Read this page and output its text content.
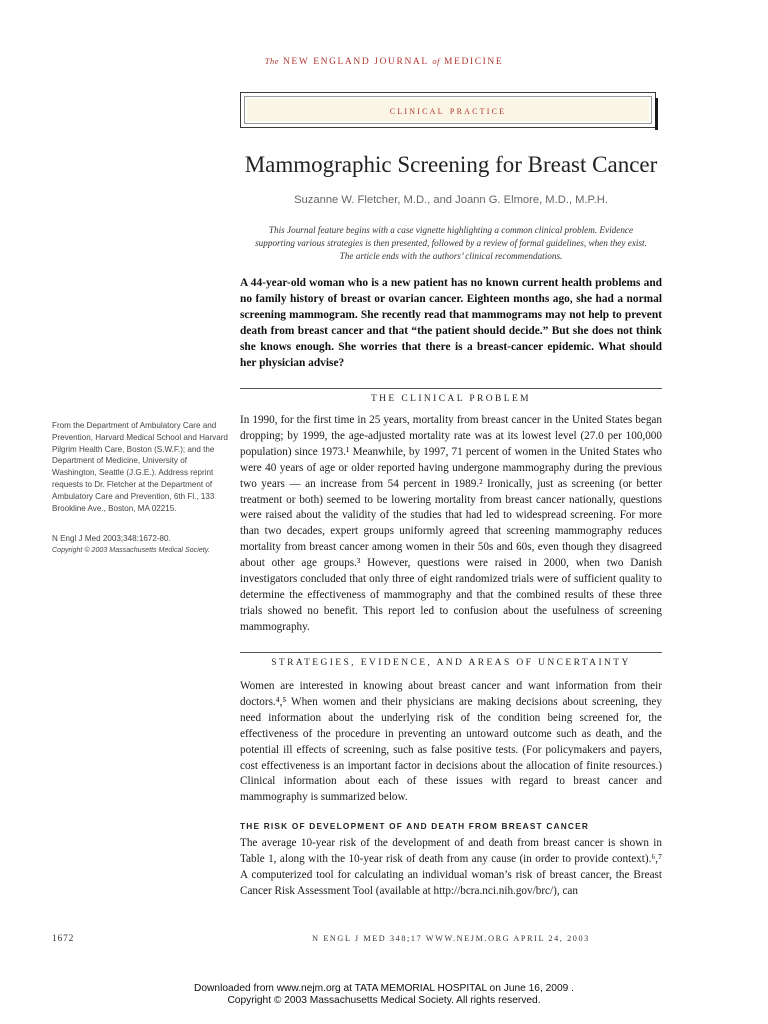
The NEW ENGLAND JOURNAL of MEDICINE
clinical practice
Mammographic Screening for Breast Cancer
Suzanne W. Fletcher, M.D., and Joann G. Elmore, M.D., M.P.H.
This Journal feature begins with a case vignette highlighting a common clinical problem. Evidence supporting various strategies is then presented, followed by a review of formal guidelines, when they exist. The article ends with the authors’ clinical recommendations.
A 44-year-old woman who is a new patient has no known current health problems and no family history of breast or ovarian cancer. Eighteen months ago, she had a normal screening mammogram. She recently read that mammograms may not help to prevent death from breast cancer and that “the patient should decide.” But she does not think she knows enough. She worries that there is a breast-cancer epidemic. What should her physician advise?
THE CLINICAL PROBLEM

In 1990, for the first time in 25 years, mortality from breast cancer in the United States began dropping; by 1999, the age-adjusted mortality rate was at its lowest level (27.0 per 100,000 population) since 1973.¹ Meanwhile, by 1997, 71 percent of women in the United States who were 40 years of age or older reported having undergone mammography during the previous two years — an increase from 54 percent in 1989.² Ironically, just as screening (or better treatment or both) seemed to be lowering mortality from breast cancer nationally, questions were raised about the validity of the studies that had led to widespread screening. For more than two decades, expert groups uniformly agreed that screening mammography reduces mortality from breast cancer among women in their 50s and 60s, even though they disagreed about other age groups.³ However, questions were raised in 2000, when two Danish investigators concluded that only three of eight randomized trials were of sufficient quality to determine the effectiveness of mammography and that the combined results of these three trials showed no benefit. This report led to confusion about the usefulness of screening mammography.

From the Department of Ambulatory Care and Prevention, Harvard Medical School and Harvard Pilgrim Health Care, Boston (S.W.F.); and the Department of Medicine, University of Washington, Seattle (J.G.E.). Address reprint requests to Dr. Fletcher at the Department of Ambulatory Care and Prevention, 6th Fl., 133 Brookline Ave., Boston, MA 02215.
N Engl J Med 2003;348:1672-80.
Copyright © 2003 Massachusetts Medical Society.
STRATEGIES, EVIDENCE, AND AREAS OF UNCERTAINTY

Women are interested in knowing about breast cancer and want information from their doctors.⁴,⁵ When women and their physicians are making decisions about screening, they need information about the underlying risk of the condition being screened for, the effectiveness of the procedure in preventing an untoward outcome such as death, and the potential ill effects of screening, such as false positive tests. (For policymakers and payers, cost effectiveness is an important factor in decisions about the allocation of finite resources.) Clinical information about each of these issues with regard to breast cancer and mammography is summarized below.

THE RISK OF DEVELOPMENT OF AND DEATH FROM BREAST CANCER

The average 10-year risk of the development of and death from breast cancer is shown in Table 1, along with the 10-year risk of death from any cause (in order to provide context).⁶,⁷ A computerized tool for calculating an individual woman’s risk of breast cancer, the Breast Cancer Risk Assessment Tool (available at http://bcra.nci.nih.gov/brc/), can

1672	N ENGL J MED 348;17 WWW.NEJM.ORG APRIL 24, 2003
Downloaded from www.nejm.org at TATA MEMORIAL HOSPITAL on June 16, 2009 .
Copyright © 2003 Massachusetts Medical Society. All rights reserved.
